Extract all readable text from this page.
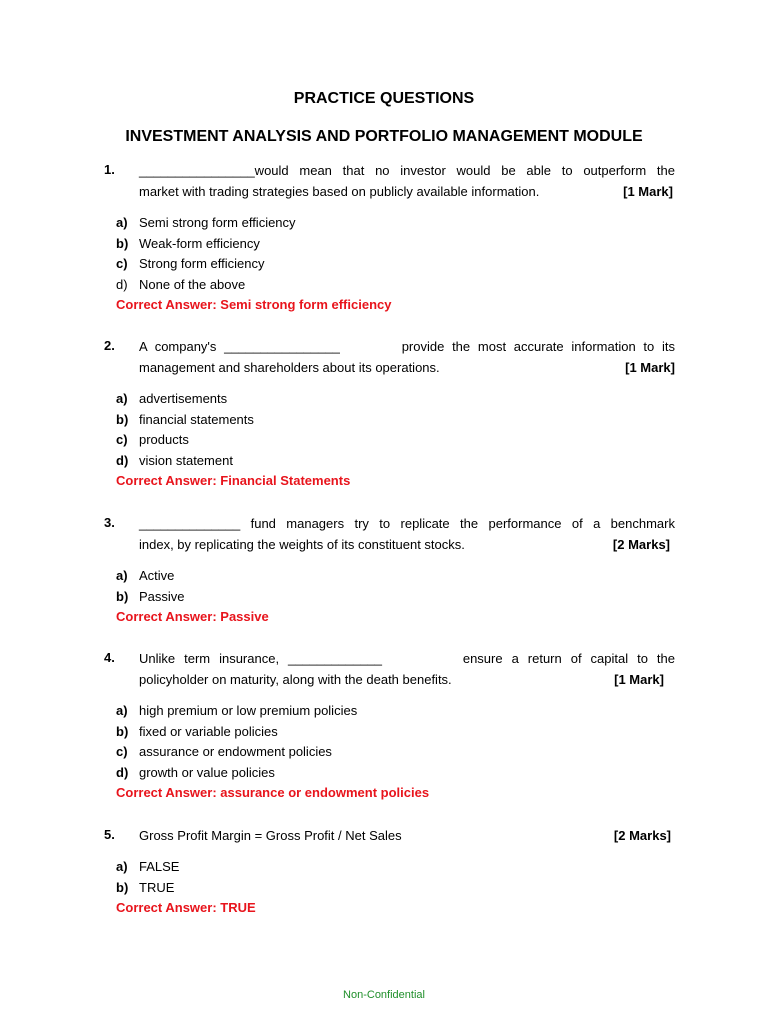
PRACTICE QUESTIONS
INVESTMENT ANALYSIS AND PORTFOLIO MANAGEMENT MODULE
1. ________________would mean that no investor would be able to outperform the
market with trading strategies based on publicly available information.	[1 Mark]
a) Semi strong form efficiency
b) Weak-form efficiency
c) Strong form efficiency
d) None of the above
Correct Answer: Semi strong form efficiency
2. A company's ________________        provide the most accurate information to its
management and shareholders about its operations.	[1 Mark]
a) advertisements
b) financial statements
c) products
d) vision statement
Correct Answer: Financial Statements
3. ______________ fund managers try to replicate the performance of a benchmark
index, by replicating the weights of its constituent stocks.	[2 Marks]
a) Active
b) Passive
Correct Answer: Passive
4. Unlike term insurance, _____________         ensure a return of capital to the
policyholder on maturity, along with the death benefits.	[1 Mark]
a) high premium or low premium policies
b) fixed or variable policies
c) assurance or endowment policies
d) growth or value policies
Correct Answer: assurance or endowment policies
5. Gross Profit Margin = Gross Profit / Net Sales	[2 Marks]
a) FALSE
b) TRUE
Correct Answer: TRUE
Non-Confidential
